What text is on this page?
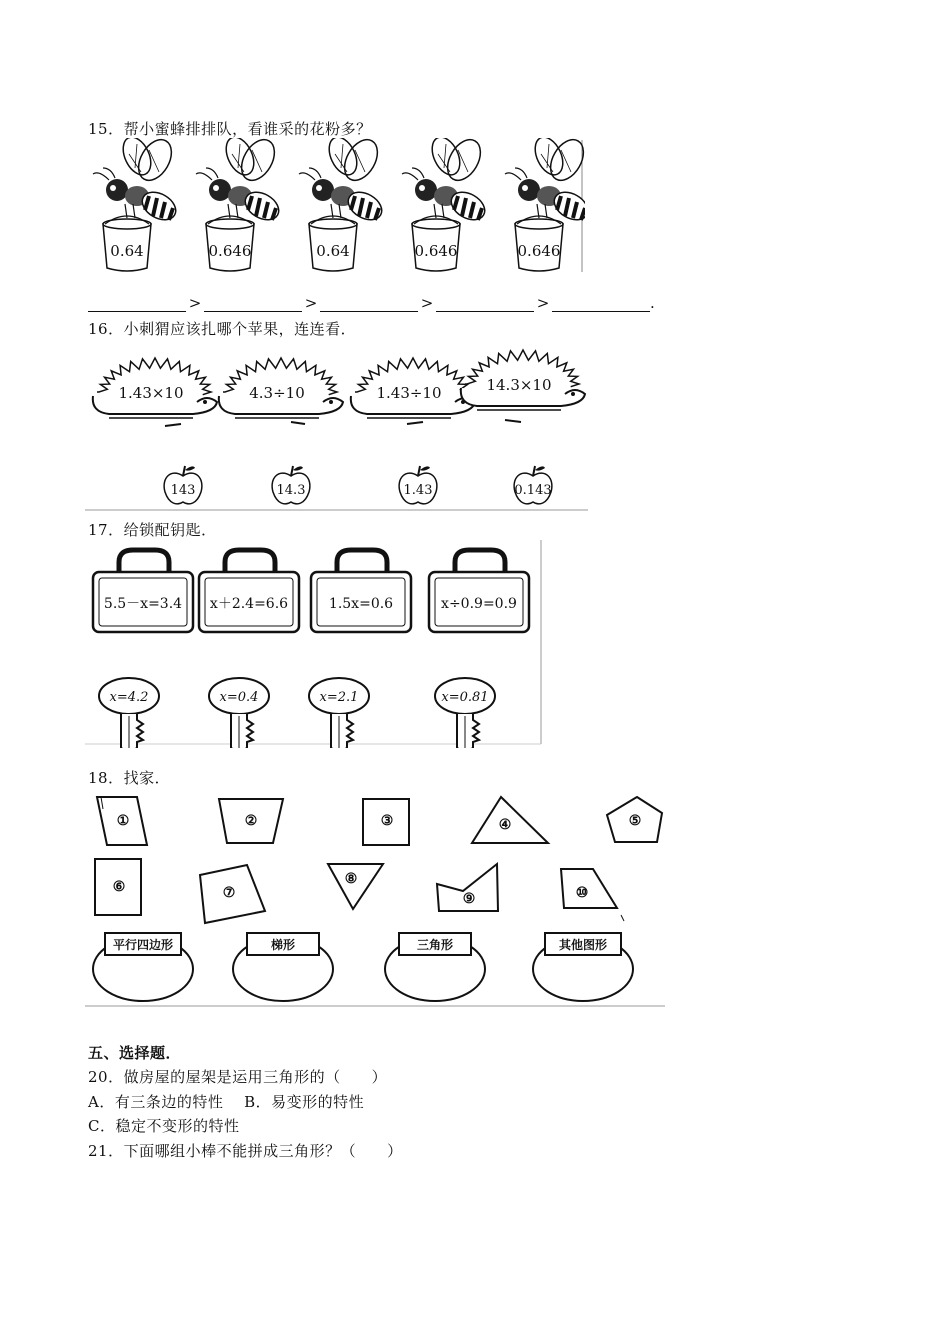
15．帮小蜜蜂排排队，看谁采的花粉多？
0.64	0.646	0.64	0.646	0.646
>	>	>	>	.
16．小刺猬应该扎哪个苹果，连连看．
1.43×10	4.3÷10	1.43÷10	14.3×10
143	14.3	1.43	0.143
17．给锁配钥匙．
5.5－x=3.4 x＋2.4=6.6	1.5x=0.6	x÷0.9=0.9
x=4.2	x=0.4	x=2.1	x=0.81
18．找家．
①	②	③	④	⑤
⑥	⑦
⑧
⑨	⑩
平行四边形	梯形	三角形	其他图形
五、选择题．
20．做房屋的屋架是运用三角形的（　　）
A．有三条边的特性　 B．易变形的特性
C．稳定不变形的特性
21．下面哪组小棒不能拼成三角形？（　　）
